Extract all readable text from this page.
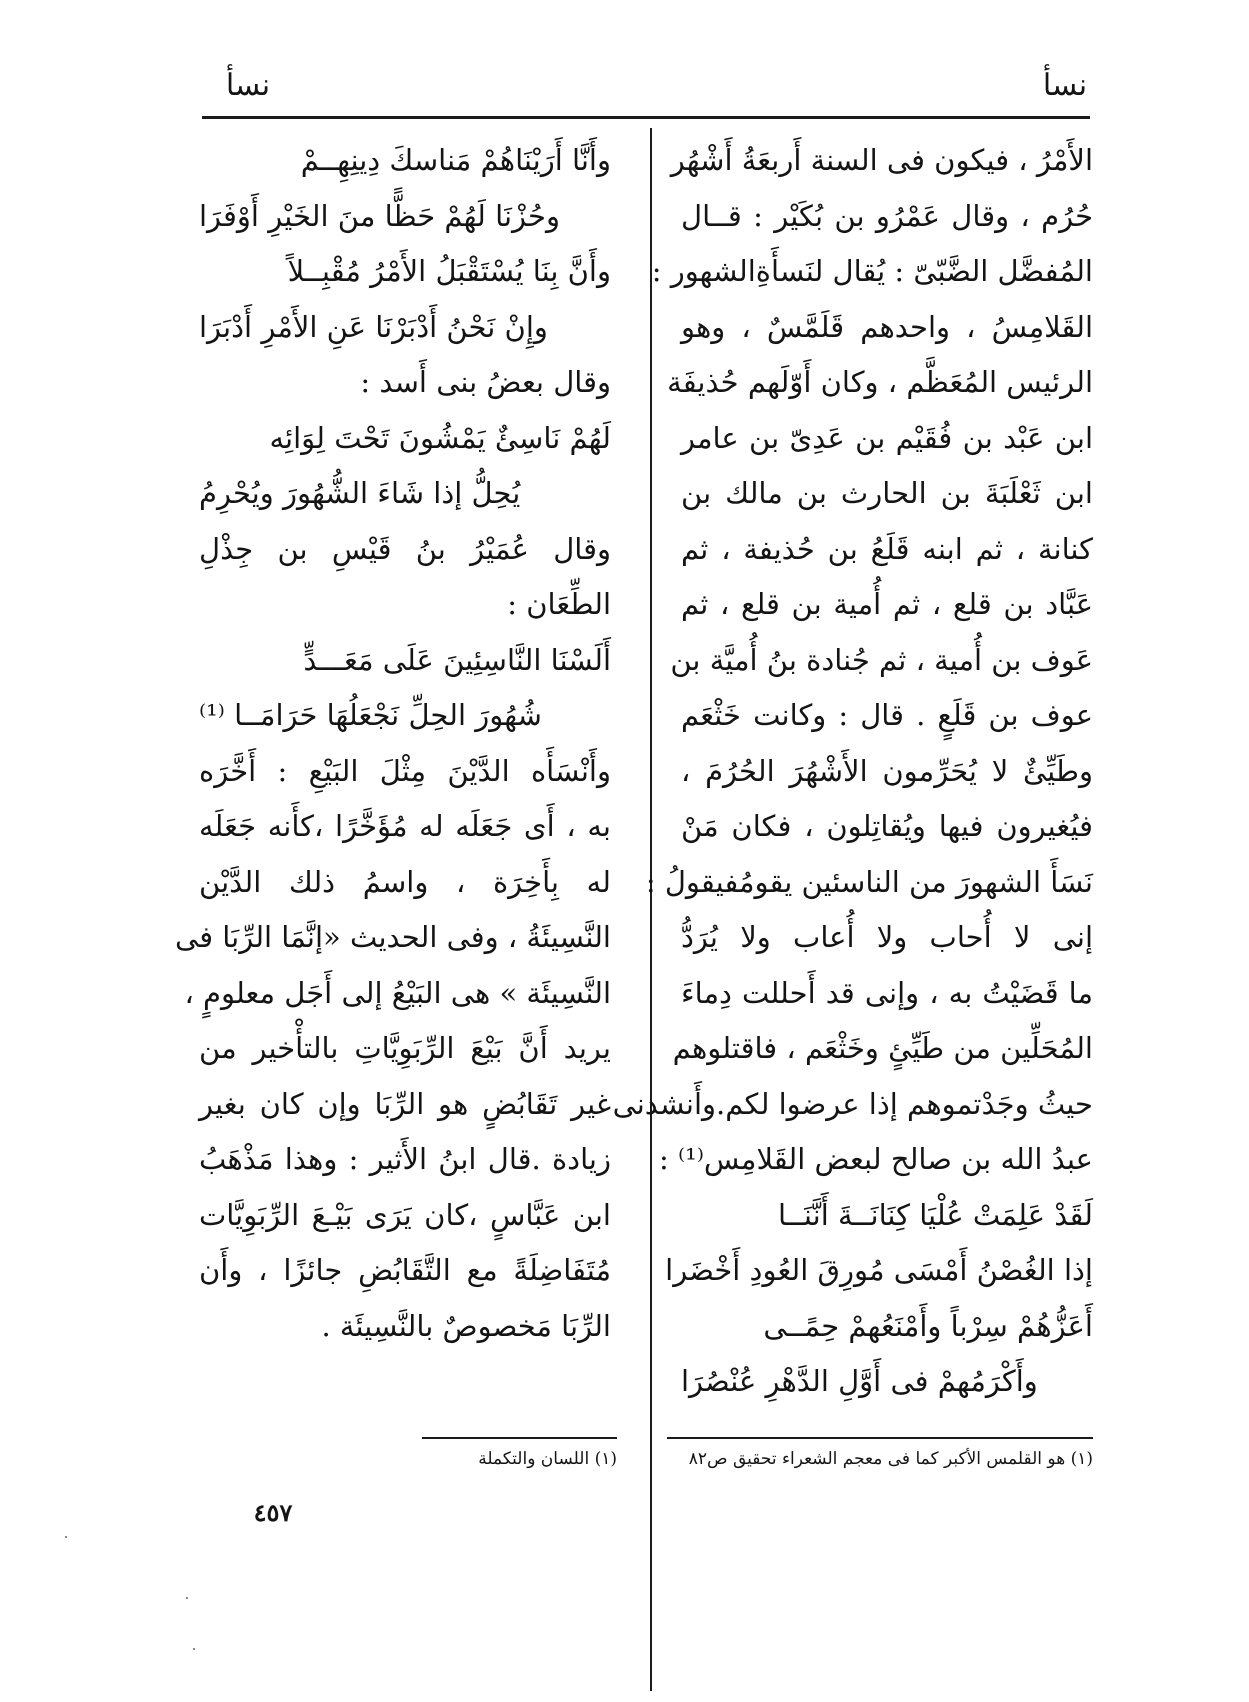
نسأ
نسأ
الأَمْرُ ، فيكون فى السنة أَربعَةُ أَشْهُر
حُرُم ، وقال عَمْرُو بن بُكَيْر : قــال
المُفضَّل الضَّبّىّ : يُقال لنَسأَةِالشهور :
القَلامِسُ ، واحدهم قَلَمَّسٌ ، وهو
الرئيس المُعَظَّم ، وكان أَوّلَهم حُذيفَة
ابن عَبْد بن فُقَيْم بن عَدِىّ بن عامر
ابن ثَعْلَبَةَ بن الحارث بن مالك بن
كنانة ، ثم ابنه قَلَعُ بن حُذيفة ، ثم
عَبَّاد بن قلع ، ثم أُمية بن قلع ، ثم
عَوف بن أُمية ، ثم جُنادة بنُ أُميَّة بن
عوف بن قَلَعٍ . قال : وكانت خَثْعَم
وطَيِّئٌ لا يُحَرِّمون الأَشْهُرَ الحُرُمَ ،
فيُغيرون فيها ويُقاتِلون ، فكان مَنْ
نَسَأَ الشهورَ من الناسئين يقومُفيقولُ :
إنى لا أُحاب ولا أُعاب ولا يُرَدُّ
ما قَضَيْتُ به ، وإنى قد أَحللت دِماءَ
المُحَلِّين من طَيِّئٍ وخَثْعَم ، فاقتلوهم
حيثُ وجَدْتموهم إذا عرضوا لكم.وأَنشدنى
عبدُ الله بن صالح لبعض القَلامِس⁽¹⁾ :
لَقَدْ عَلِمَتْ عُلْيَا كِنَانَــةَ أَنَّنَــا
إذا الغُصْنُ أَمْسَى مُورِقَ العُودِ أَخْضَرا
أَعَزُّهُمْ سِرْباً وأَمْنَعُهمْ حِمًــى
وأَكْرَمُهمْ فى أَوَّلِ الدَّهْرِ عُنْصُرَا
وأَنَّا أَرَيْنَاهُمْ مَناسكَ دِينِهِــمْ
وحُزْنَا لَهُمْ حَظًّا منَ الخَيْرِ أَوْفَرَا
وأَنَّ بِنَا يُسْتَقْبَلُ الأَمْرُ مُقْبِــلاً
وإِنْ نَحْنُ أَدْبَرْنَا عَنِ الأَمْرِ أَدْبَرَا
وقال بعضُ بنى أَسد :
لَهُمْ نَاسِئٌ يَمْشُونَ تَحْتَ لِوَائِه
يُحِلُّ إذا شَاءَ الشُّهُورَ ويُحْرِمُ
وقال عُمَيْرُ بنُ قَيْسِ بن جِذْلِ
الطِّعَان :
أَلَسْنَا النَّاسِئِينَ عَلَى مَعَـــدٍّ
شُهُورَ الحِلِّ نَجْعَلُهَا حَرَامَــا ⁽¹⁾
وأَنْسَأَه الدَّيْنَ مِثْلَ البَيْعِ : أَخَّرَه
به ، أَى جَعَلَه له مُؤَخَّرًا ،كأَنه جَعَلَه
له بِأَخِرَة ، واسمُ ذلك الدَّيْن
النَّسِيئَةُ ، وفى الحديث «إنَّمَا الرِّبَا فى
النَّسِيئَة » هى البَيْعُ إلى أَجَل معلومٍ ،
يريد أَنَّ بَيْعَ الرِّبَوِيَّاتِ بالتأْخير من
غير تَقَابُضٍ هو الرِّبَا وإن كان بغير
زيادة .قال ابنُ الأَثير : وهذا مَذْهَبُ
ابن عَبَّاسٍ ،كان يَرَى بَيْـعَ الرِّبَوِيَّات
مُتَفَاضِلَةً مع التَّقَابُضِ جائزًا ، وأَن
الرِّبَا مَخصوصٌ بالنَّسِيئَة .
(١) هو القلمس الأكبر كما فى معجم الشعراء تحقيق ص٨٢
(١) اللسان والتكملة
٤٥٧
